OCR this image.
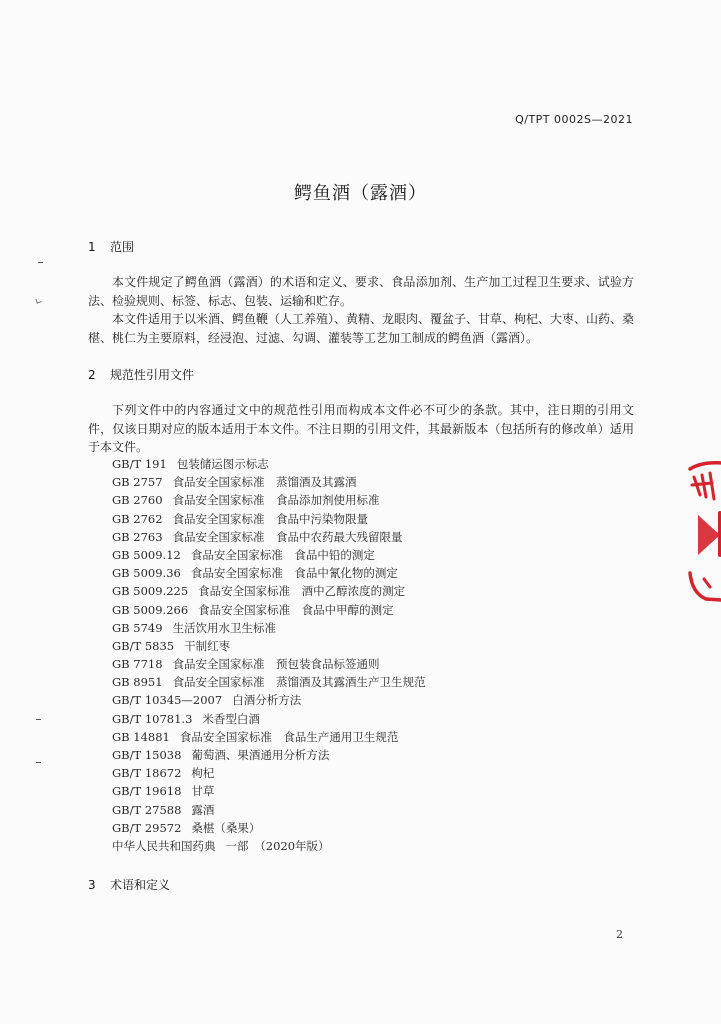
Q/TPT 0002S—2021
鳄鱼酒（露酒）
1 范围

本文件规定了鳄鱼酒（露酒）的术语和定义、要求、食品添加剂、生产加工过程卫生要求、试验方法、检验规则、标签、标志、包装、运输和贮存。

本文件适用于以米酒、鳄鱼鞭（人工养殖）、黄精、龙眼肉、覆盆子、甘草、枸杞、大枣、山药、桑椹、桃仁为主要原料，经浸泡、过滤、勾调、灌装等工艺加工制成的鳄鱼酒（露酒）。

2 规范性引用文件

下列文件中的内容通过文中的规范性引用而构成本文件必不可少的条款。其中，注日期的引用文件，仅该日期对应的版本适用于本文件。不注日期的引用文件，其最新版本（包括所有的修改单）适用于本文件。

GB/T 191 包装储运图示标志
GB 2757 食品安全国家标准　蒸馏酒及其露酒
GB 2760 食品安全国家标准　食品添加剂使用标准
GB 2762 食品安全国家标准　食品中污染物限量
GB 2763 食品安全国家标准　食品中农药最大残留限量
GB 5009.12 食品安全国家标准　食品中铅的测定
GB 5009.36 食品安全国家标准　食品中氰化物的测定
GB 5009.225 食品安全国家标准　酒中乙醇浓度的测定
GB 5009.266 食品安全国家标准　食品中甲醇的测定
GB 5749 生活饮用水卫生标准
GB/T 5835 干制红枣
GB 7718 食品安全国家标准　预包装食品标签通则
GB 8951 食品安全国家标准　蒸馏酒及其露酒生产卫生规范
GB/T 10345—2007 白酒分析方法
GB/T 10781.3 米香型白酒
GB 14881 食品安全国家标准　食品生产通用卫生规范
GB/T 15038 葡萄酒、果酒通用分析方法
GB/T 18672 枸杞
GB/T 19618 甘草
GB/T 27588 露酒
GB/T 29572 桑椹（桑果）
中华人民共和国药典 一部　（2020年版）
3 术语和定义
2
